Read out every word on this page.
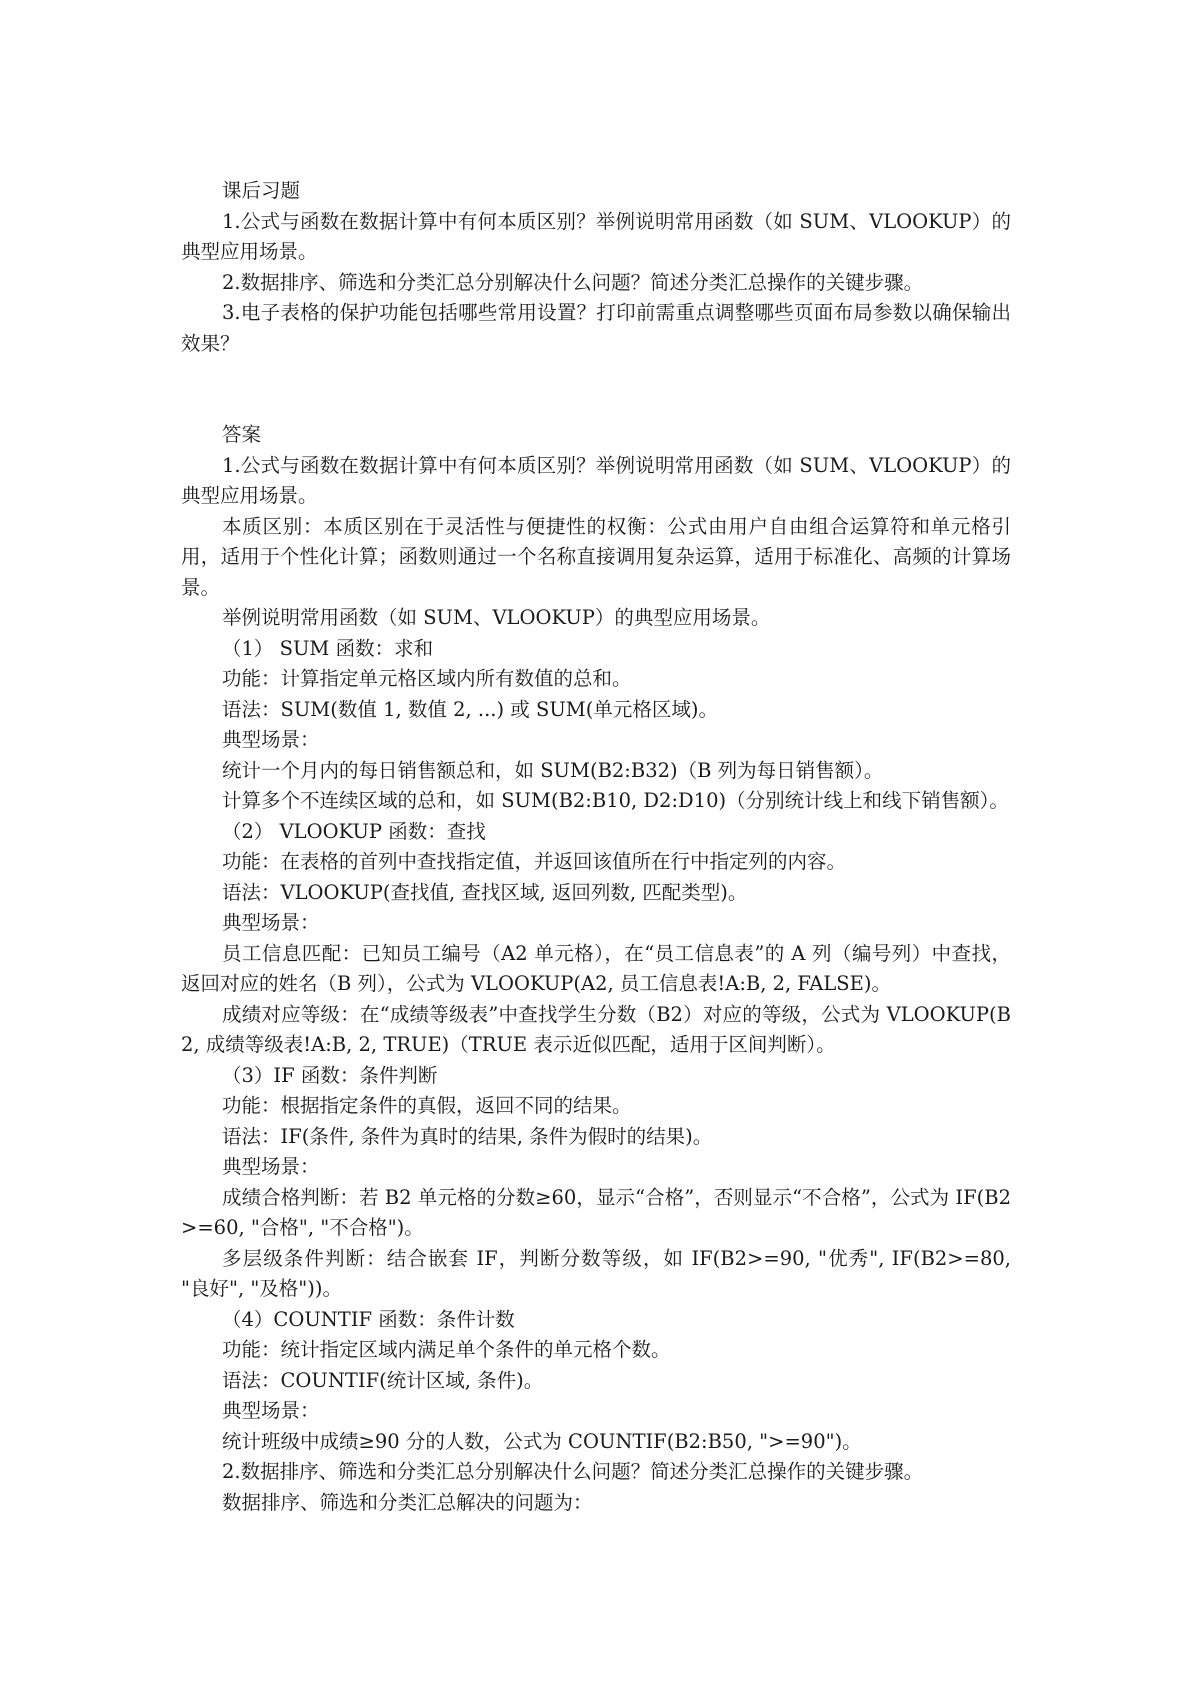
课后习题

1.公式与函数在数据计算中有何本质区别？举例说明常用函数（如 SUM、VLOOKUP）的典型应用场景。

2.数据排序、筛选和分类汇总分别解决什么问题？简述分类汇总操作的关键步骤。

3.电子表格的保护功能包括哪些常用设置？打印前需重点调整哪些页面布局参数以确保输出效果？

答案

1.公式与函数在数据计算中有何本质区别？举例说明常用函数（如 SUM、VLOOKUP）的典型应用场景。

本质区别：本质区别在于灵活性与便捷性的权衡：公式由用户自由组合运算符和单元格引用，适用于个性化计算；函数则通过一个名称直接调用复杂运算，适用于标准化、高频的计算场景。

举例说明常用函数（如 SUM、VLOOKUP）的典型应用场景。

（1） SUM 函数：求和

功能：计算指定单元格区域内所有数值的总和。

语法：SUM(数值 1, 数值 2, ...) 或 SUM(单元格区域)。

典型场景：

统计一个月内的每日销售额总和，如 SUM(B2:B32)（B 列为每日销售额）。

计算多个不连续区域的总和，如 SUM(B2:B10, D2:D10)（分别统计线上和线下销售额）。

（2） VLOOKUP 函数：查找

功能：在表格的首列中查找指定值，并返回该值所在行中指定列的内容。

语法：VLOOKUP(查找值, 查找区域, 返回列数, 匹配类型)。

典型场景：

员工信息匹配：已知员工编号（A2 单元格），在“员工信息表”的 A 列（编号列）中查找，返回对应的姓名（B 列），公式为 VLOOKUP(A2, 员工信息表!A:B, 2, FALSE)。

成绩对应等级：在“成绩等级表”中查找学生分数（B2）对应的等级，公式为 VLOOKUP(B2, 成绩等级表!A:B, 2, TRUE)（TRUE 表示近似匹配，适用于区间判断）。

（3）IF 函数：条件判断

功能：根据指定条件的真假，返回不同的结果。

语法：IF(条件, 条件为真时的结果, 条件为假时的结果)。

典型场景：

成绩合格判断：若 B2 单元格的分数≥60，显示“合格”，否则显示“不合格”，公式为 IF(B2>=60, "合格", "不合格")。

多层级条件判断：结合嵌套 IF，判断分数等级，如 IF(B2>=90, "优秀", IF(B2>=80, "良好", "及格"))。

（4）COUNTIF 函数：条件计数

功能：统计指定区域内满足单个条件的单元格个数。

语法：COUNTIF(统计区域, 条件)。

典型场景：

统计班级中成绩≥90 分的人数，公式为 COUNTIF(B2:B50, ">=90")。

2.数据排序、筛选和分类汇总分别解决什么问题？简述分类汇总操作的关键步骤。

数据排序、筛选和分类汇总解决的问题为：
